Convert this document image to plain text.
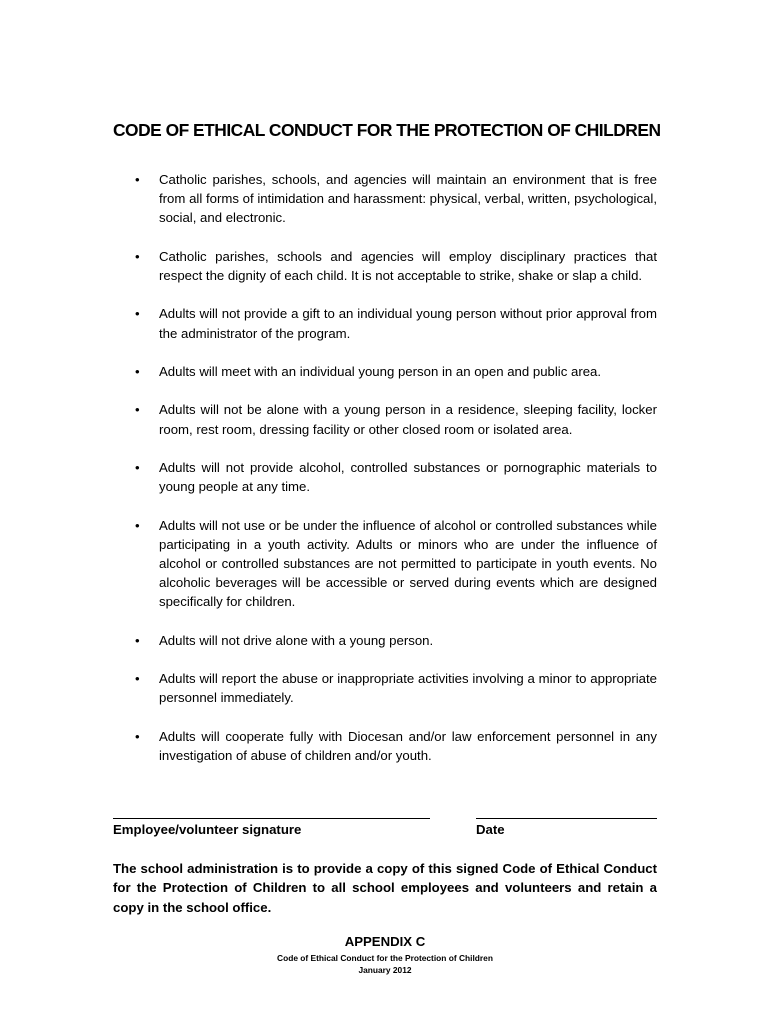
CODE OF ETHICAL CONDUCT FOR THE PROTECTION OF CHILDREN
• Catholic parishes, schools, and agencies will maintain an environment that is free from all forms of intimidation and harassment: physical, verbal, written, psychological, social, and electronic.
• Catholic parishes, schools and agencies will employ disciplinary practices that respect the dignity of each child. It is not acceptable to strike, shake or slap a child.
• Adults will not provide a gift to an individual young person without prior approval from the administrator of the program.
• Adults will meet with an individual young person in an open and public area.
• Adults will not be alone with a young person in a residence, sleeping facility, locker room, rest room, dressing facility or other closed room or isolated area.
• Adults will not provide alcohol, controlled substances or pornographic materials to young people at any time.
• Adults will not use or be under the influence of alcohol or controlled substances while participating in a youth activity. Adults or minors who are under the influence of alcohol or controlled substances are not permitted to participate in youth events. No alcoholic beverages will be accessible or served during events which are designed specifically for children.
• Adults will not drive alone with a young person.
• Adults will report the abuse or inappropriate activities involving a minor to appropriate personnel immediately.
• Adults will cooperate fully with Diocesan and/or law enforcement personnel in any investigation of abuse of children and/or youth.
Employee/volunteer signature	Date
The school administration is to provide a copy of this signed Code of Ethical Conduct for the Protection of Children to all school employees and volunteers and retain a copy in the school office.
APPENDIX C
Code of Ethical Conduct for the Protection of Children
January 2012
